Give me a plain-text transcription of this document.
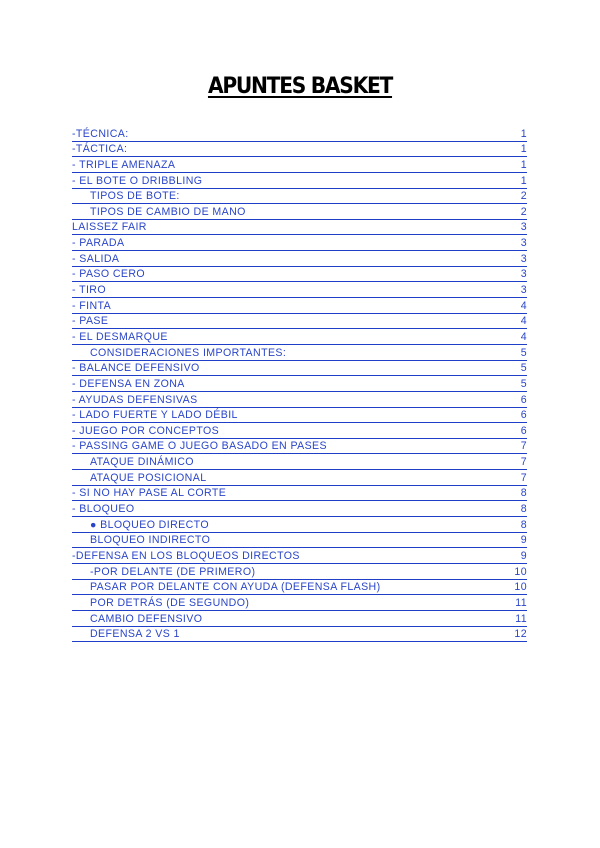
APUNTES BASKET
-TÉCNICA:	1
-TÁCTICA:	1
- TRIPLE AMENAZA	1
- EL BOTE O DRIBBLING	1
TIPOS DE BOTE:	2
TIPOS DE CAMBIO DE MANO	2
LAISSEZ FAIR	3
- PARADA	3
- SALIDA	3
- PASO CERO	3
- TIRO	3
- FINTA	4
- PASE	4
- EL DESMARQUE	4
CONSIDERACIONES IMPORTANTES:	5
- BALANCE DEFENSIVO	5
- DEFENSA EN ZONA	5
- AYUDAS DEFENSIVAS	6
- LADO FUERTE Y LADO DÉBIL	6
- JUEGO POR CONCEPTOS	6
- PASSING GAME O JUEGO BASADO EN PASES	7
ATAQUE DINÁMICO	7
ATAQUE POSICIONAL	7
- SI NO HAY PASE AL CORTE	8
- BLOQUEO	8
● BLOQUEO DIRECTO	8
BLOQUEO INDIRECTO	9
-DEFENSA EN LOS BLOQUEOS DIRECTOS	9
-POR DELANTE (DE PRIMERO)	10
PASAR POR DELANTE CON AYUDA (DEFENSA FLASH)	10
POR DETRÁS (DE SEGUNDO)	11
CAMBIO DEFENSIVO	11
DEFENSA 2 VS 1	12
